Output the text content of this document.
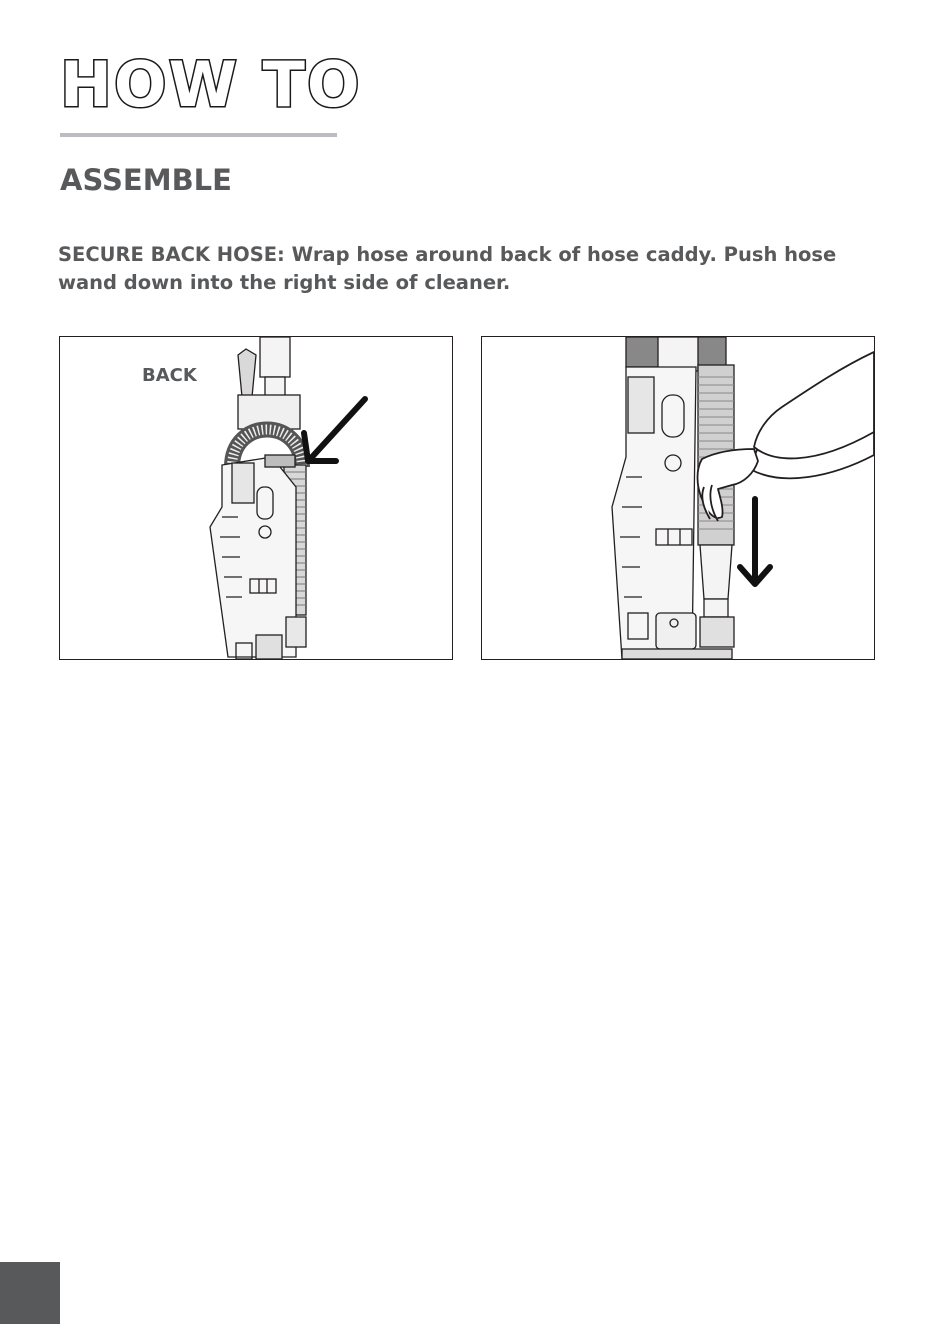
HOW TO
ASSEMBLE

SECURE BACK HOSE: Wrap hose around back of hose caddy. Push hose wand down into the right side of cleaner.

BACK
